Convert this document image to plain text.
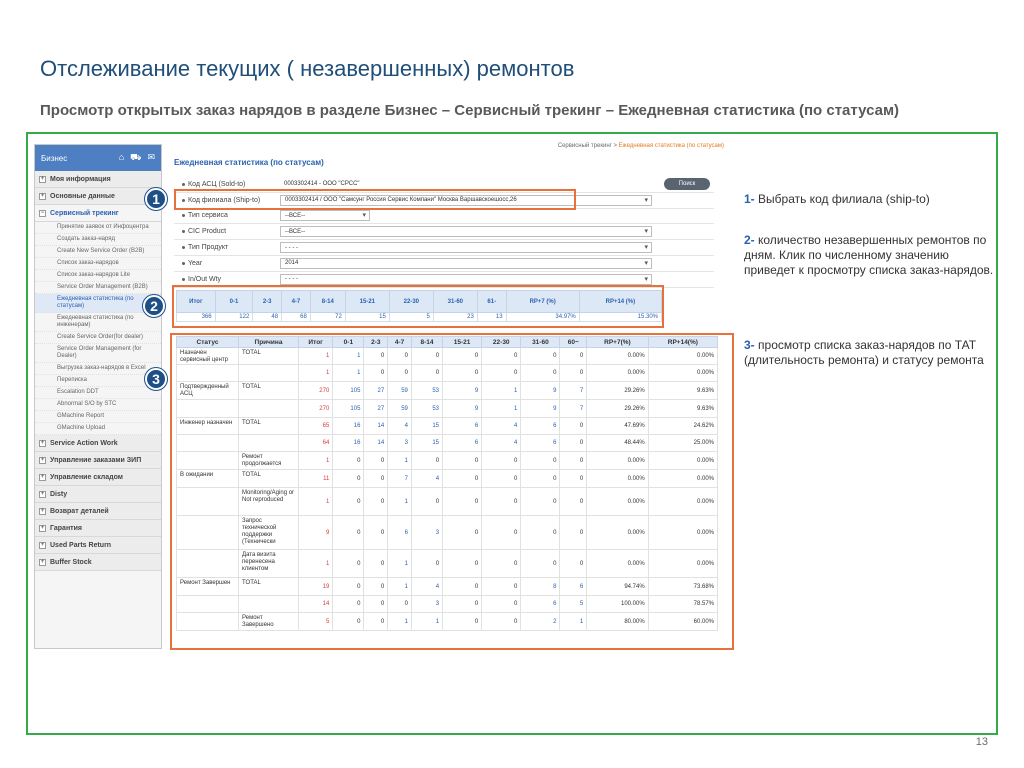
Отслеживание текущих ( незавершенных) ремонтов
Просмотр открытых заказ нарядов в разделе Бизнес – Сервисный трекинг – Ежедневная статистика (по статусам)
Бизнес	⌂ ⛟ ✉
+ Моя информация
+ Основные данные
− Сервисный трекинг
Принятие заявок от Инфоцентра
Создать заказ-наряд
Create New Service Order (B2B)
Список заказ-нарядов
Список заказ-нарядов Lite
Service Order Management (B2B)
Ежедневная статистика (по статусам)
Ежедневная статистика (по инженерам)
Create Service Order(for dealer)
Service Order Management (for Dealer)
Выгрузка заказ-нарядов в Excel
Переписка
Escalation DDT
Abnormal S/O by STC
GMachine Report
GMachine Upload
+ Service Action Work
+ Управление заказами ЗИП
+ Управление складом
+ Disty
+ Возврат деталей
+ Гарантия
+ Used Parts Return
+ Buffer Stock
Сервисный трекинг > Ежедневная статистика (по статусам)
Ежедневная статистика (по статусам)
Код АСЦ (Sold-to)	0003302414 - ООО "СРСС"
Код филиала (Ship-to)	0003302414 / ООО "Самсунг Россия Сервис Компани" Москва Варшавскоешосс,26 ▾
Тип сервиса	--ВСЕ-- ▾
CIC Product	--ВСЕ-- ▾
Тип Продукт	- - - - ▾
Year	2014 ▾
In/Out Wty	- - - - ▾
Поиск
Итог	0-1	2-3	4-7	8-14	15-21	22-30	31-60	61-	RP+7 (%)	RP+14 (%)
366	122	48	68	72	15	5	23	13	34.97%	15.30%
Статус	Причина	Итог	0-1	2-3	4-7	8-14	15-21	22-30	31-60	60~	RP+7(%)	RP+14(%)
Назначен сервисный центр	TOTAL	1	1	0	0	0	0	0	0	0	0.00%	0.00%
		1	1	0	0	0	0	0	0	0	0.00%	0.00%
Подтвержденный АСЦ	TOTAL	270	105	27	59	53	9	1	9	7	29.26%	9.63%
		270	105	27	59	53	9	1	9	7	29.26%	9.63%
Инженер назначен	TOTAL	65	16	14	4	15	6	4	6	0	47.69%	24.62%
		64	16	14	3	15	6	4	6	0	48.44%	25.00%
	Ремонт продолжается	1	0	0	1	0	0	0	0	0	0.00%	0.00%
В ожидании	TOTAL	11	0	0	7	4	0	0	0	0	0.00%	0.00%
	Monitoring/Aging or Not reproduced	1	0	0	1	0	0	0	0	0	0.00%	0.00%
	Запрос технической поддержки (Технически	9	0	0	6	3	0	0	0	0	0.00%	0.00%
	Дата визита перенесена клиентом	1	0	0	1	0	0	0	0	0	0.00%	0.00%
Ремонт Завершен	TOTAL	19	0	0	1	4	0	0	8	6	94.74%	73.68%
		14	0	0	0	3	0	0	6	5	100.00%	78.57%
	Ремонт Завершено	5	0	0	1	1	0	0	2	1	80.00%	60.00%
1
2
3
1- Выбрать код филиала (ship-to)
2- количество незавершенных ремонтов по дням. Клик по численному значению приведет к просмотру списка заказ-нарядов.
3- просмотр списка заказ-нарядов по ТАТ (длительность ремонта) и статусу ремонта
13
